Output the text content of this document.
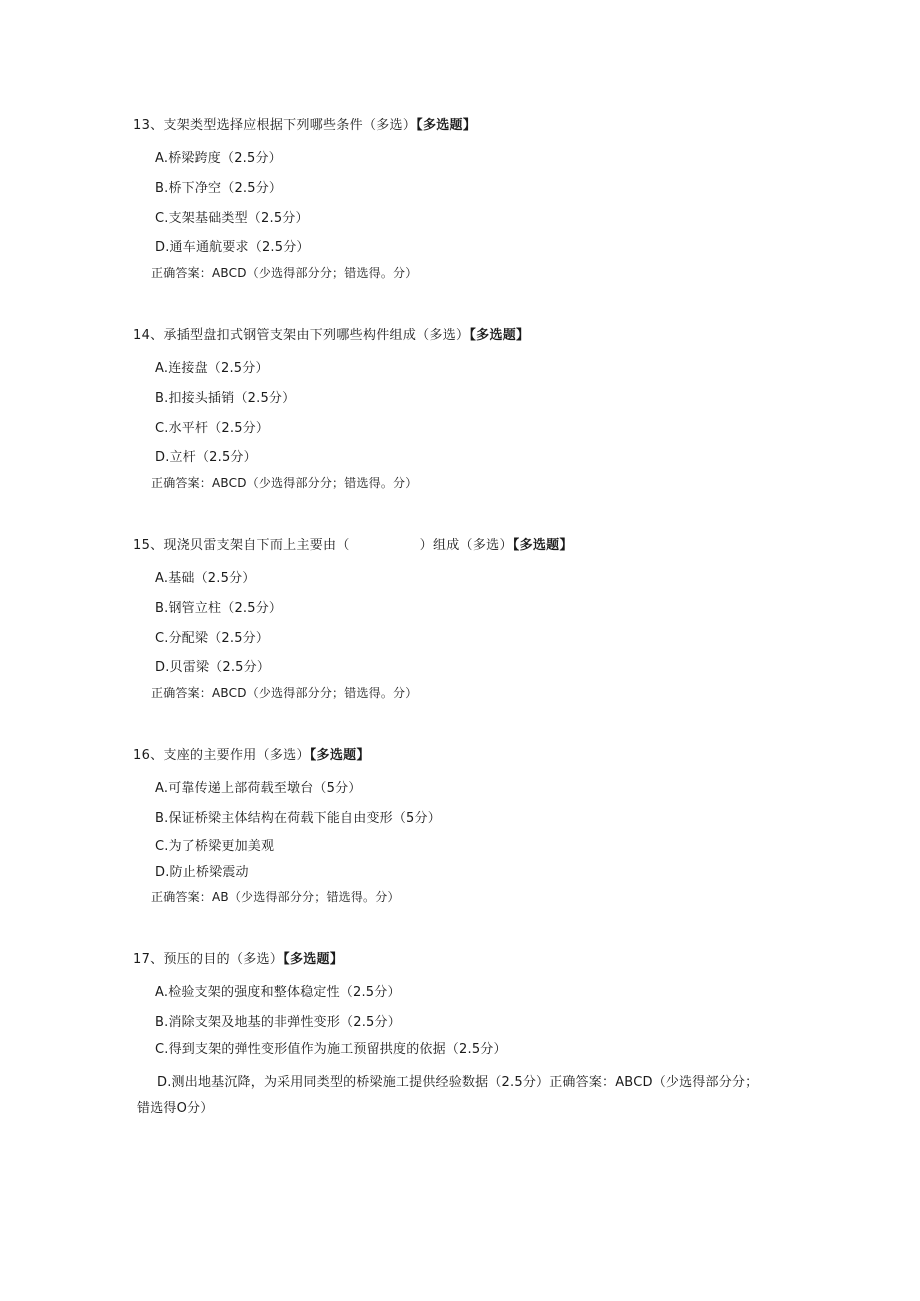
13、支架类型选择应根据下列哪些条件（多选）【多选题】
A.桥梁跨度（2.5分）
B.桥下净空（2.5分）
C.支架基础类型（2.5分）
D.通车通航要求（2.5分）
正确答案：ABCD（少选得部分分；错选得。分）
14、承插型盘扣式钢管支架由下列哪些构件组成（多选）【多选题】
A.连接盘（2.5分）
B.扣接头插销（2.5分）
C.水平杆（2.5分）
D.立杆（2.5分）
正确答案：ABCD（少选得部分分；错选得。分）
15、现浇贝雷支架自下而上主要由（	）组成（多选）【多选题】
A.基础（2.5分）
B.钢管立柱（2.5分）
C.分配梁（2.5分）
D.贝雷梁（2.5分）
正确答案：ABCD（少选得部分分；错选得。分）
16、支座的主要作用（多选）【多选题】
A.可靠传递上部荷载至墩台（5分）
B.保证桥梁主体结构在荷载下能自由变形（5分）
C.为了桥梁更加美观
D.防止桥梁震动
正确答案：AB（少选得部分分；错选得。分）
17、预压的目的（多选）【多选题】
A.检验支架的强度和整体稳定性（2.5分）
B.消除支架及地基的非弹性变形（2.5分）
C.得到支架的弹性变形值作为施工预留拱度的依据（2.5分）
D.测出地基沉降，为采用同类型的桥梁施工提供经验数据（2.5分）正确答案：ABCD（少选得部分分；
错选得O分）
